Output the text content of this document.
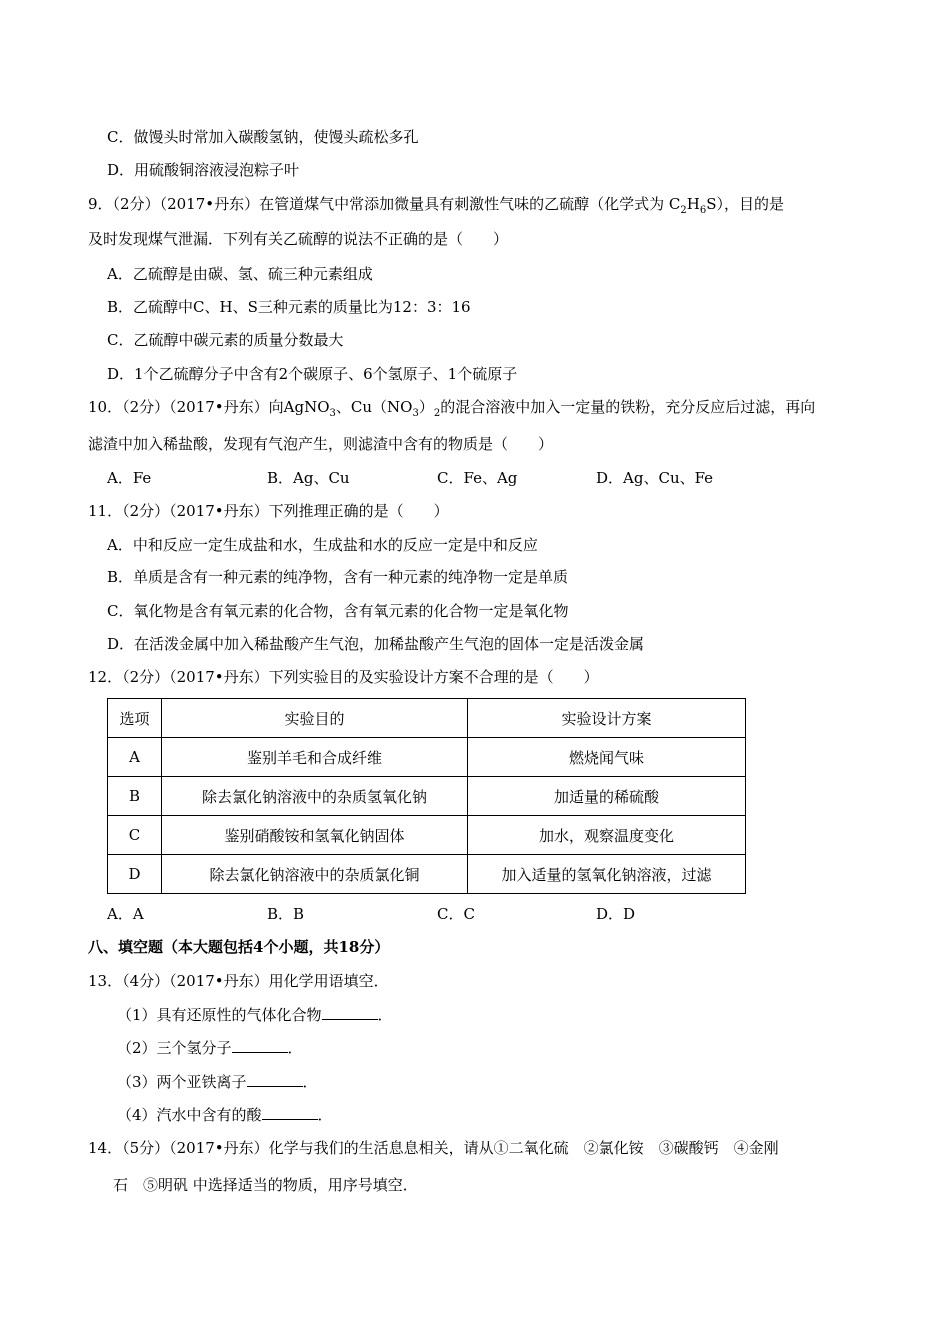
C．做馒头时常加入碳酸氢钠，使馒头疏松多孔
D．用硫酸铜溶液浸泡粽子叶
9．（2分）（2017•丹东）在管道煤气中常添加微量具有刺激性气味的乙硫醇（化学式为 $C_2H_6S$），目的是
及时发现煤气泄漏．下列有关乙硫醇的说法不正确的是（　　）
A．乙硫醇是由碳、氢、硫三种元素组成
B．乙硫醇中C、H、S三种元素的质量比为12：3：16
C．乙硫醇中碳元素的质量分数最大
D．1个乙硫醇分子中含有2个碳原子、6个氢原子、1个硫原子
10．（2分）（2017•丹东）向AgNO$_3$、$Cu(NO_3)_2$的混合溶液中加入一定量的铁粉，充分反应后过滤，再向
滤渣中加入稀盐酸，发现有气泡产生，则滤渣中含有的物质是（　　）
A．Fe	B．Ag、Cu	C．Fe、Ag	D．Ag、Cu、Fe
11．（2分）（2017•丹东）下列推理正确的是（　　）
A．中和反应一定生成盐和水，生成盐和水的反应一定是中和反应
B．单质是含有一种元素的纯净物，含有一种元素的纯净物一定是单质
C．氧化物是含有氧元素的化合物，含有氧元素的化合物一定是氧化物
D．在活泼金属中加入稀盐酸产生气泡，加稀盐酸产生气泡的固体一定是活泼金属
12．（2分）（2017•丹东）下列实验目的及实验设计方案不合理的是（　　）
选项	实验目的	实验设计方案
A	鉴别羊毛和合成纤维	燃烧闻气味
B	除去氯化钠溶液中的杂质氢氧化钠	加适量的稀硫酸
C	鉴别硝酸铵和氢氧化钠固体	加水，观察温度变化
D	除去氯化钠溶液中的杂质氯化铜	加入适量的氢氧化钠溶液，过滤
A．A	B．B	C．C	D．D
八、填空题（本大题包括4个小题，共18分）
13．（4分）（2017•丹东）用化学用语填空．
（1）具有还原性的气体化合物	．
（2）三个氢分子	．
（3）两个亚铁离子	．
（4）汽水中含有的酸	．
14．（5分）（2017•丹东）化学与我们的生活息息相关，请从①二氧化硫　②氯化铵　③碳酸钙　④金刚
石　⑤明矾 中选择适当的物质，用序号填空．
